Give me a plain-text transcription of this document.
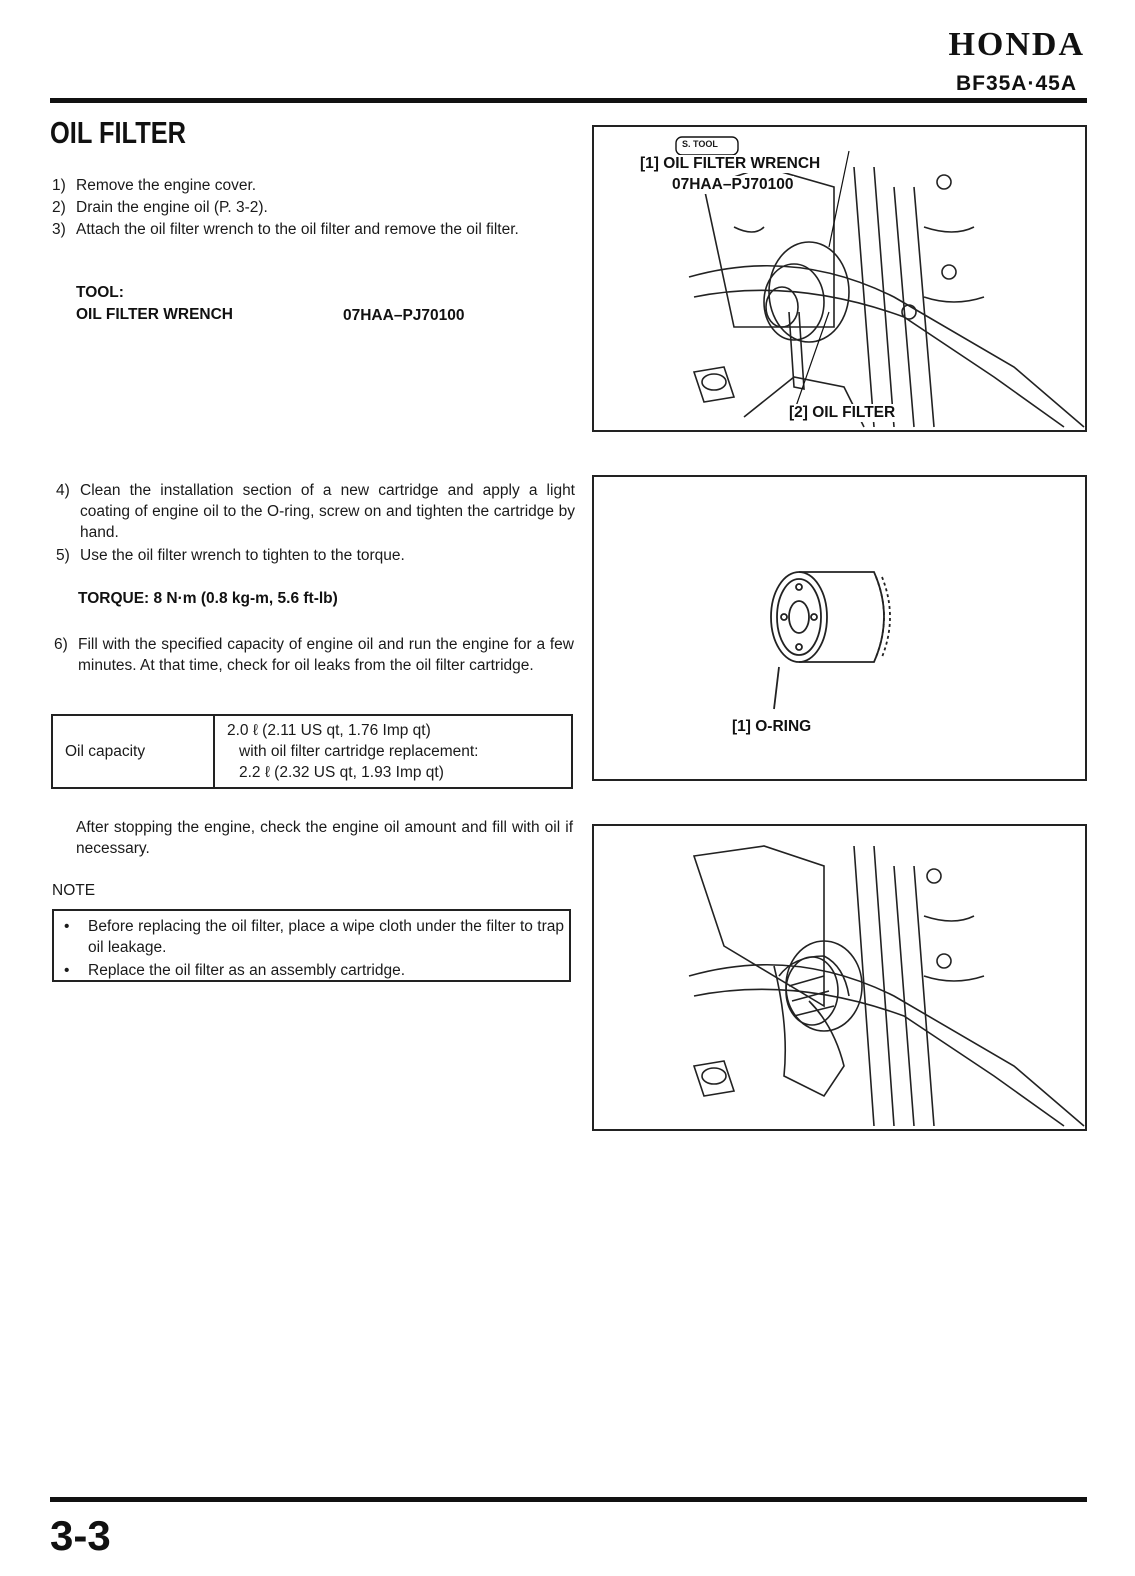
HONDA
BF35A·45A
OIL FILTER
1) Remove the engine cover.
2) Drain the engine oil (P. 3-2).
3) Attach the oil filter wrench to the oil filter and remove the oil filter.
TOOL:
OIL FILTER WRENCH	07HAA–PJ70100
4) Clean the installation section of a new cartridge and apply a light coating of engine oil to the O-ring, screw on and tighten the cartridge by hand.
5) Use the oil filter wrench to tighten to the torque.
TORQUE: 8 N·m (0.8 kg-m, 5.6 ft-lb)
6) Fill with the specified capacity of engine oil and run the engine for a few minutes. At that time, check for oil leaks from the oil filter cartridge.
Oil capacity	
2.0 ℓ (2.11 US qt, 1.76 Imp qt)
with oil filter cartridge replacement:
2.2 ℓ (2.32 US qt, 1.93 Imp qt)
After stopping the engine, check the engine oil amount and fill with oil if necessary.
NOTE
•	Before replacing the oil filter, place a wipe cloth under the filter to trap oil leakage.
•	Replace the oil filter as an assembly cartridge.
S. TOOL
[1] OIL FILTER WRENCH
07HAA–PJ70100
[2] OIL FILTER
[1] O-RING
3-3
